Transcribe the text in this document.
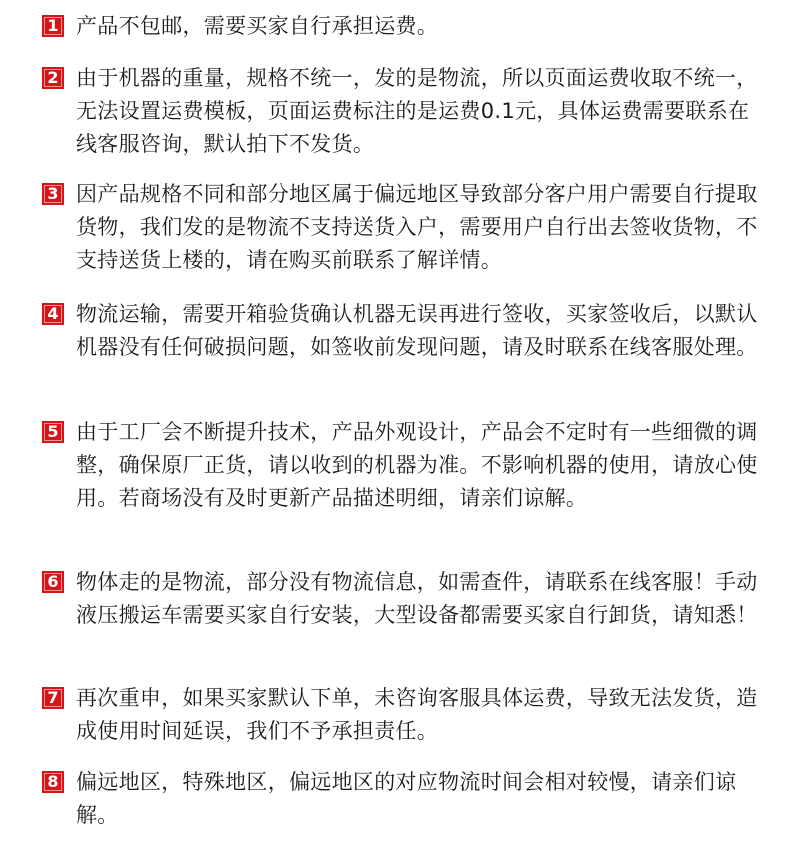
1 产品不包邮，需要买家自行承担运费。

2 由于机器的重量，规格不统一，发的是物流，所以页面运费收取不统一，无法设置运费模板，页面运费标注的是运费0.1元，具体运费需要联系在线客服咨询，默认拍下不发货。

3 因产品规格不同和部分地区属于偏远地区导致部分客户用户需要自行提取货物，我们发的是物流不支持送货入户，需要用户自行出去签收货物，不支持送货上楼的，请在购买前联系了解详情。

4 物流运输，需要开箱验货确认机器无误再进行签收，买家签收后，以默认机器没有任何破损问题，如签收前发现问题，请及时联系在线客服处理。

5 由于工厂会不断提升技术，产品外观设计，产品会不定时有一些细微的调整，确保原厂正货，请以收到的机器为准。不影响机器的使用，请放心使用。若商场没有及时更新产品描述明细，请亲们谅解。

6 物体走的是物流，部分没有物流信息，如需查件，请联系在线客服！手动液压搬运车需要买家自行安装，大型设备都需要买家自行卸货，请知悉！

7 再次重申，如果买家默认下单，未咨询客服具体运费，导致无法发货，造成使用时间延误，我们不予承担责任。

8 偏远地区，特殊地区，偏远地区的对应物流时间会相对较慢，请亲们谅解。
